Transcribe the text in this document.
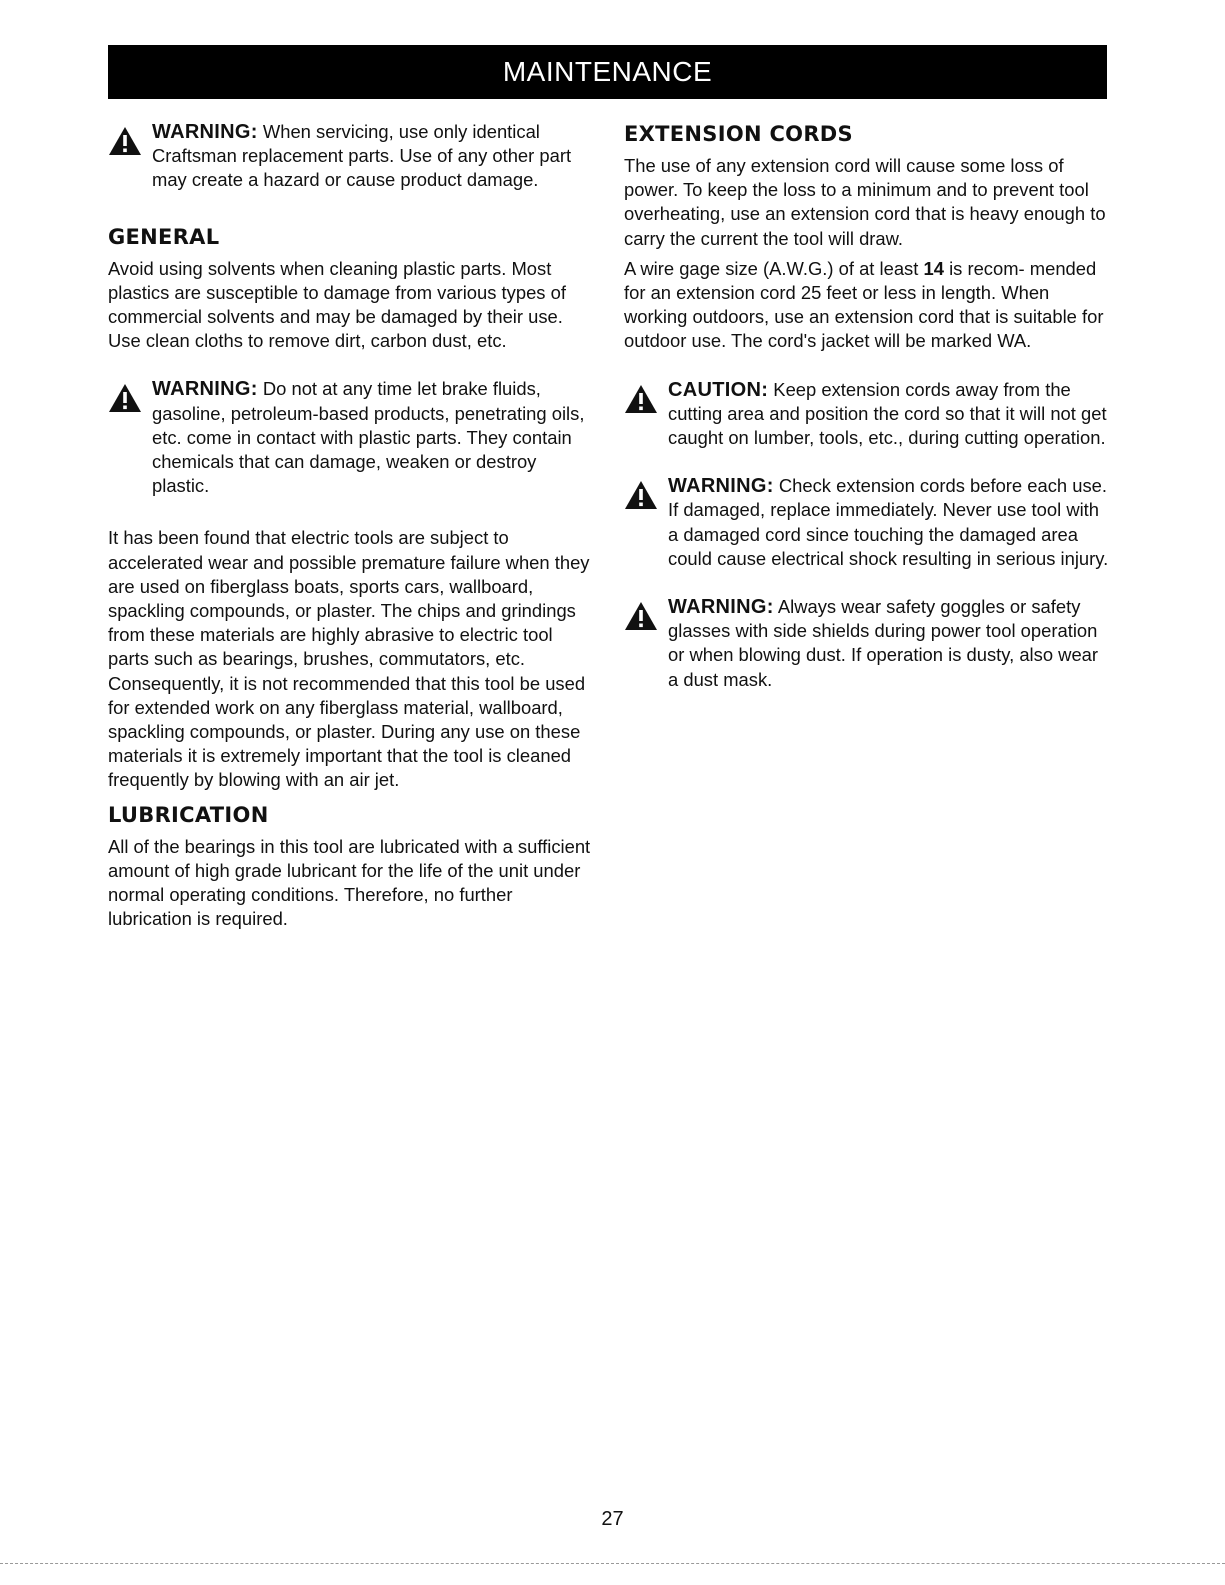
MAINTENANCE

WARNING: When servicing, use only identical Craftsman replacement parts. Use of any other part may create a hazard or cause product damage.

GENERAL

Avoid using solvents when cleaning plastic parts. Most plastics are susceptible to damage from various types of commercial solvents and may be damaged by their use. Use clean cloths to remove dirt, carbon dust, etc.

WARNING: Do not at any time let brake fluids, gasoline, petroleum-based products, penetrating oils, etc. come in contact with plastic parts. They contain chemicals that can damage, weaken or destroy plastic.

It has been found that electric tools are subject to accelerated wear and possible premature failure when they are used on fiberglass boats, sports cars, wallboard, spackling compounds, or plaster. The chips and grindings from these materials are highly abrasive to electric tool parts such as bearings, brushes, commutators, etc. Consequently, it is not recommended that this tool be used for extended work on any fiberglass material, wallboard, spackling compounds, or plaster. During any use on these materials it is extremely important that the tool is cleaned frequently by blowing with an air jet.

LUBRICATION

All of the bearings in this tool are lubricated with a sufficient amount of high grade lubricant for the life of the unit under normal operating conditions. Therefore, no further lubrication is required.

EXTENSION CORDS

The use of any extension cord will cause some loss of power. To keep the loss to a minimum and to prevent tool overheating, use an extension cord that is heavy enough to carry the current the tool will draw.

A wire gage size (A.W.G.) of at least 14 is recom- mended for an extension cord 25 feet or less in length. When working outdoors, use an extension cord that is suitable for outdoor use. The cord's jacket will be marked WA.

CAUTION: Keep extension cords away from the cutting area and position the cord so that it will not get caught on lumber, tools, etc., during cutting operation.

WARNING: Check extension cords before each use. If damaged, replace immediately. Never use tool with a damaged cord since touching the damaged area could cause electrical shock resulting in serious injury.

WARNING: Always wear safety goggles or safety glasses with side shields during power tool operation or when blowing dust. If operation is dusty, also wear a dust mask.

27
